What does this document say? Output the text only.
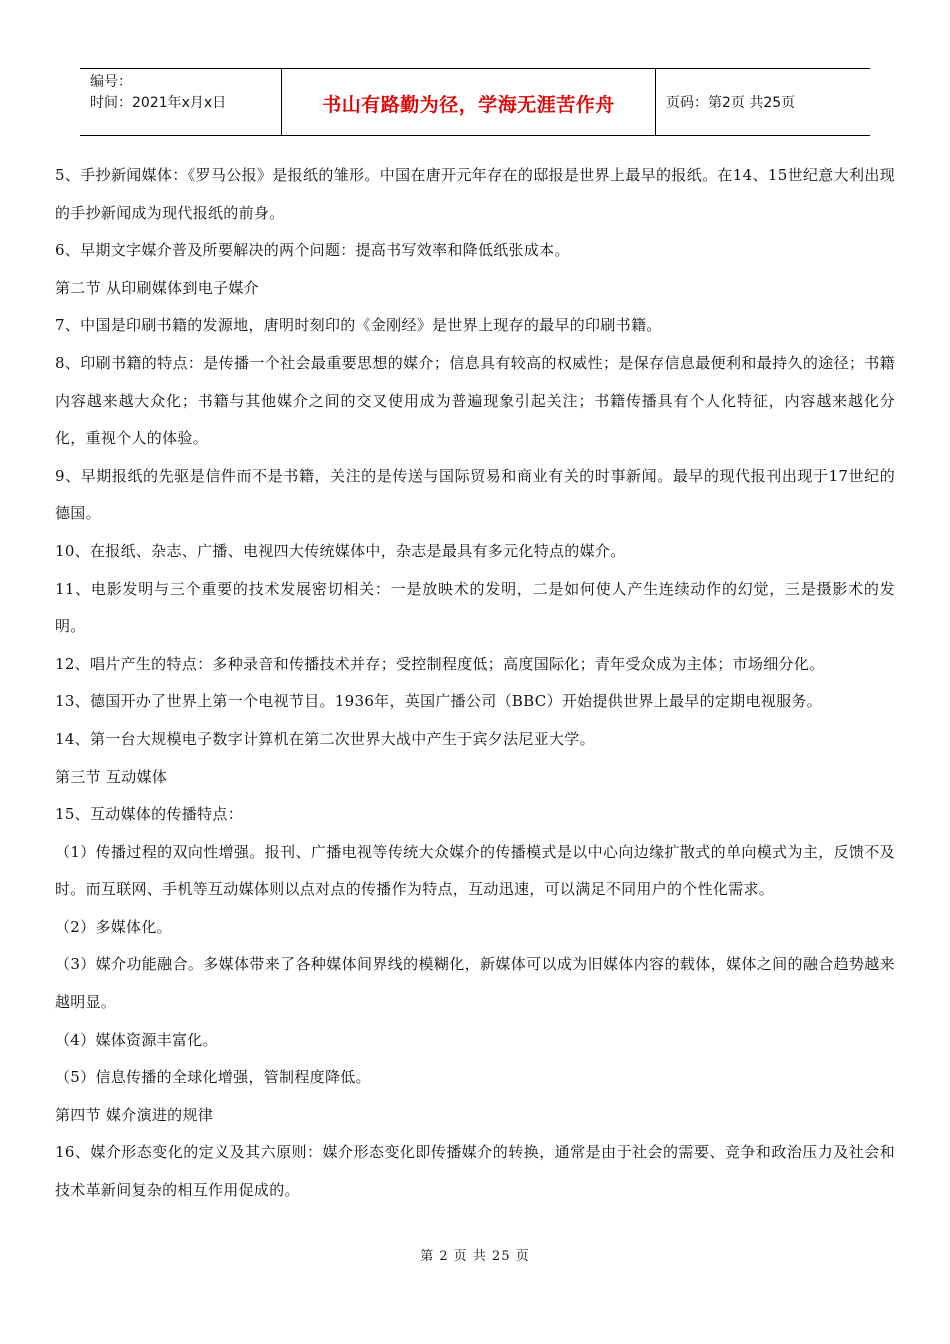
编号：
时间：2021年x月x日	书山有路勤为径，学海无涯苦作舟	页码：第2页 共25页

5、手抄新闻媒体：《罗马公报》是报纸的雏形。中国在唐开元年存在的邸报是世界上最早的报纸。在14、15世纪意大利出现的手抄新闻成为现代报纸的前身。

6、早期文字媒介普及所要解决的两个问题：提高书写效率和降低纸张成本。

第二节 从印刷媒体到电子媒介

7、中国是印刷书籍的发源地，唐明时刻印的《金刚经》是世界上现存的最早的印刷书籍。

8、印刷书籍的特点：是传播一个社会最重要思想的媒介；信息具有较高的权威性；是保存信息最便利和最持久的途径；书籍内容越来越大众化；书籍与其他媒介之间的交叉使用成为普遍现象引起关注；书籍传播具有个人化特征，内容越来越化分化，重视个人的体验。

9、早期报纸的先驱是信件而不是书籍，关注的是传送与国际贸易和商业有关的时事新闻。最早的现代报刊出现于17世纪的德国。

10、在报纸、杂志、广播、电视四大传统媒体中，杂志是最具有多元化特点的媒介。

11、电影发明与三个重要的技术发展密切相关：一是放映术的发明，二是如何使人产生连续动作的幻觉，三是摄影术的发明。

12、唱片产生的特点：多种录音和传播技术并存；受控制程度低；高度国际化；青年受众成为主体；市场细分化。

13、德国开办了世界上第一个电视节目。1936年，英国广播公司（BBC）开始提供世界上最早的定期电视服务。

14、第一台大规模电子数字计算机在第二次世界大战中产生于宾夕法尼亚大学。

第三节 互动媒体

15、互动媒体的传播特点：

（1）传播过程的双向性增强。报刊、广播电视等传统大众媒介的传播模式是以中心向边缘扩散式的单向模式为主，反馈不及时。而互联网、手机等互动媒体则以点对点的传播作为特点，互动迅速，可以满足不同用户的个性化需求。

（2）多媒体化。

（3）媒介功能融合。多媒体带来了各种媒体间界线的模糊化，新媒体可以成为旧媒体内容的载体，媒体之间的融合趋势越来越明显。

（4）媒体资源丰富化。

（5）信息传播的全球化增强，管制程度降低。

第四节 媒介演进的规律

16、媒介形态变化的定义及其六原则：媒介形态变化即传播媒介的转换，通常是由于社会的需要、竞争和政治压力及社会和技术革新间复杂的相互作用促成的。

第 2 页 共 25 页
